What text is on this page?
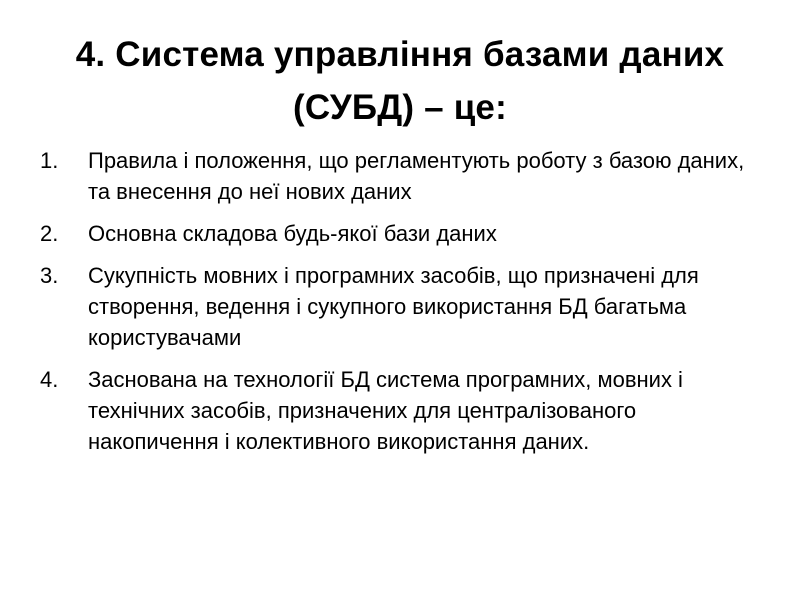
4. Система управління базами даних (СУБД) – це:
1.	Правила і положення, що регламентують роботу з базою даних, та внесення до неї нових даних
2.	Основна складова будь-якої бази даних
3.	Сукупність мовних і програмних засобів, що призначені для створення, ведення і сукупного використання БД багатьма користувачами
4.	Заснована на технології БД система програмних, мовних і технічних засобів, призначених для централізованого накопичення і колективного використання даних.
